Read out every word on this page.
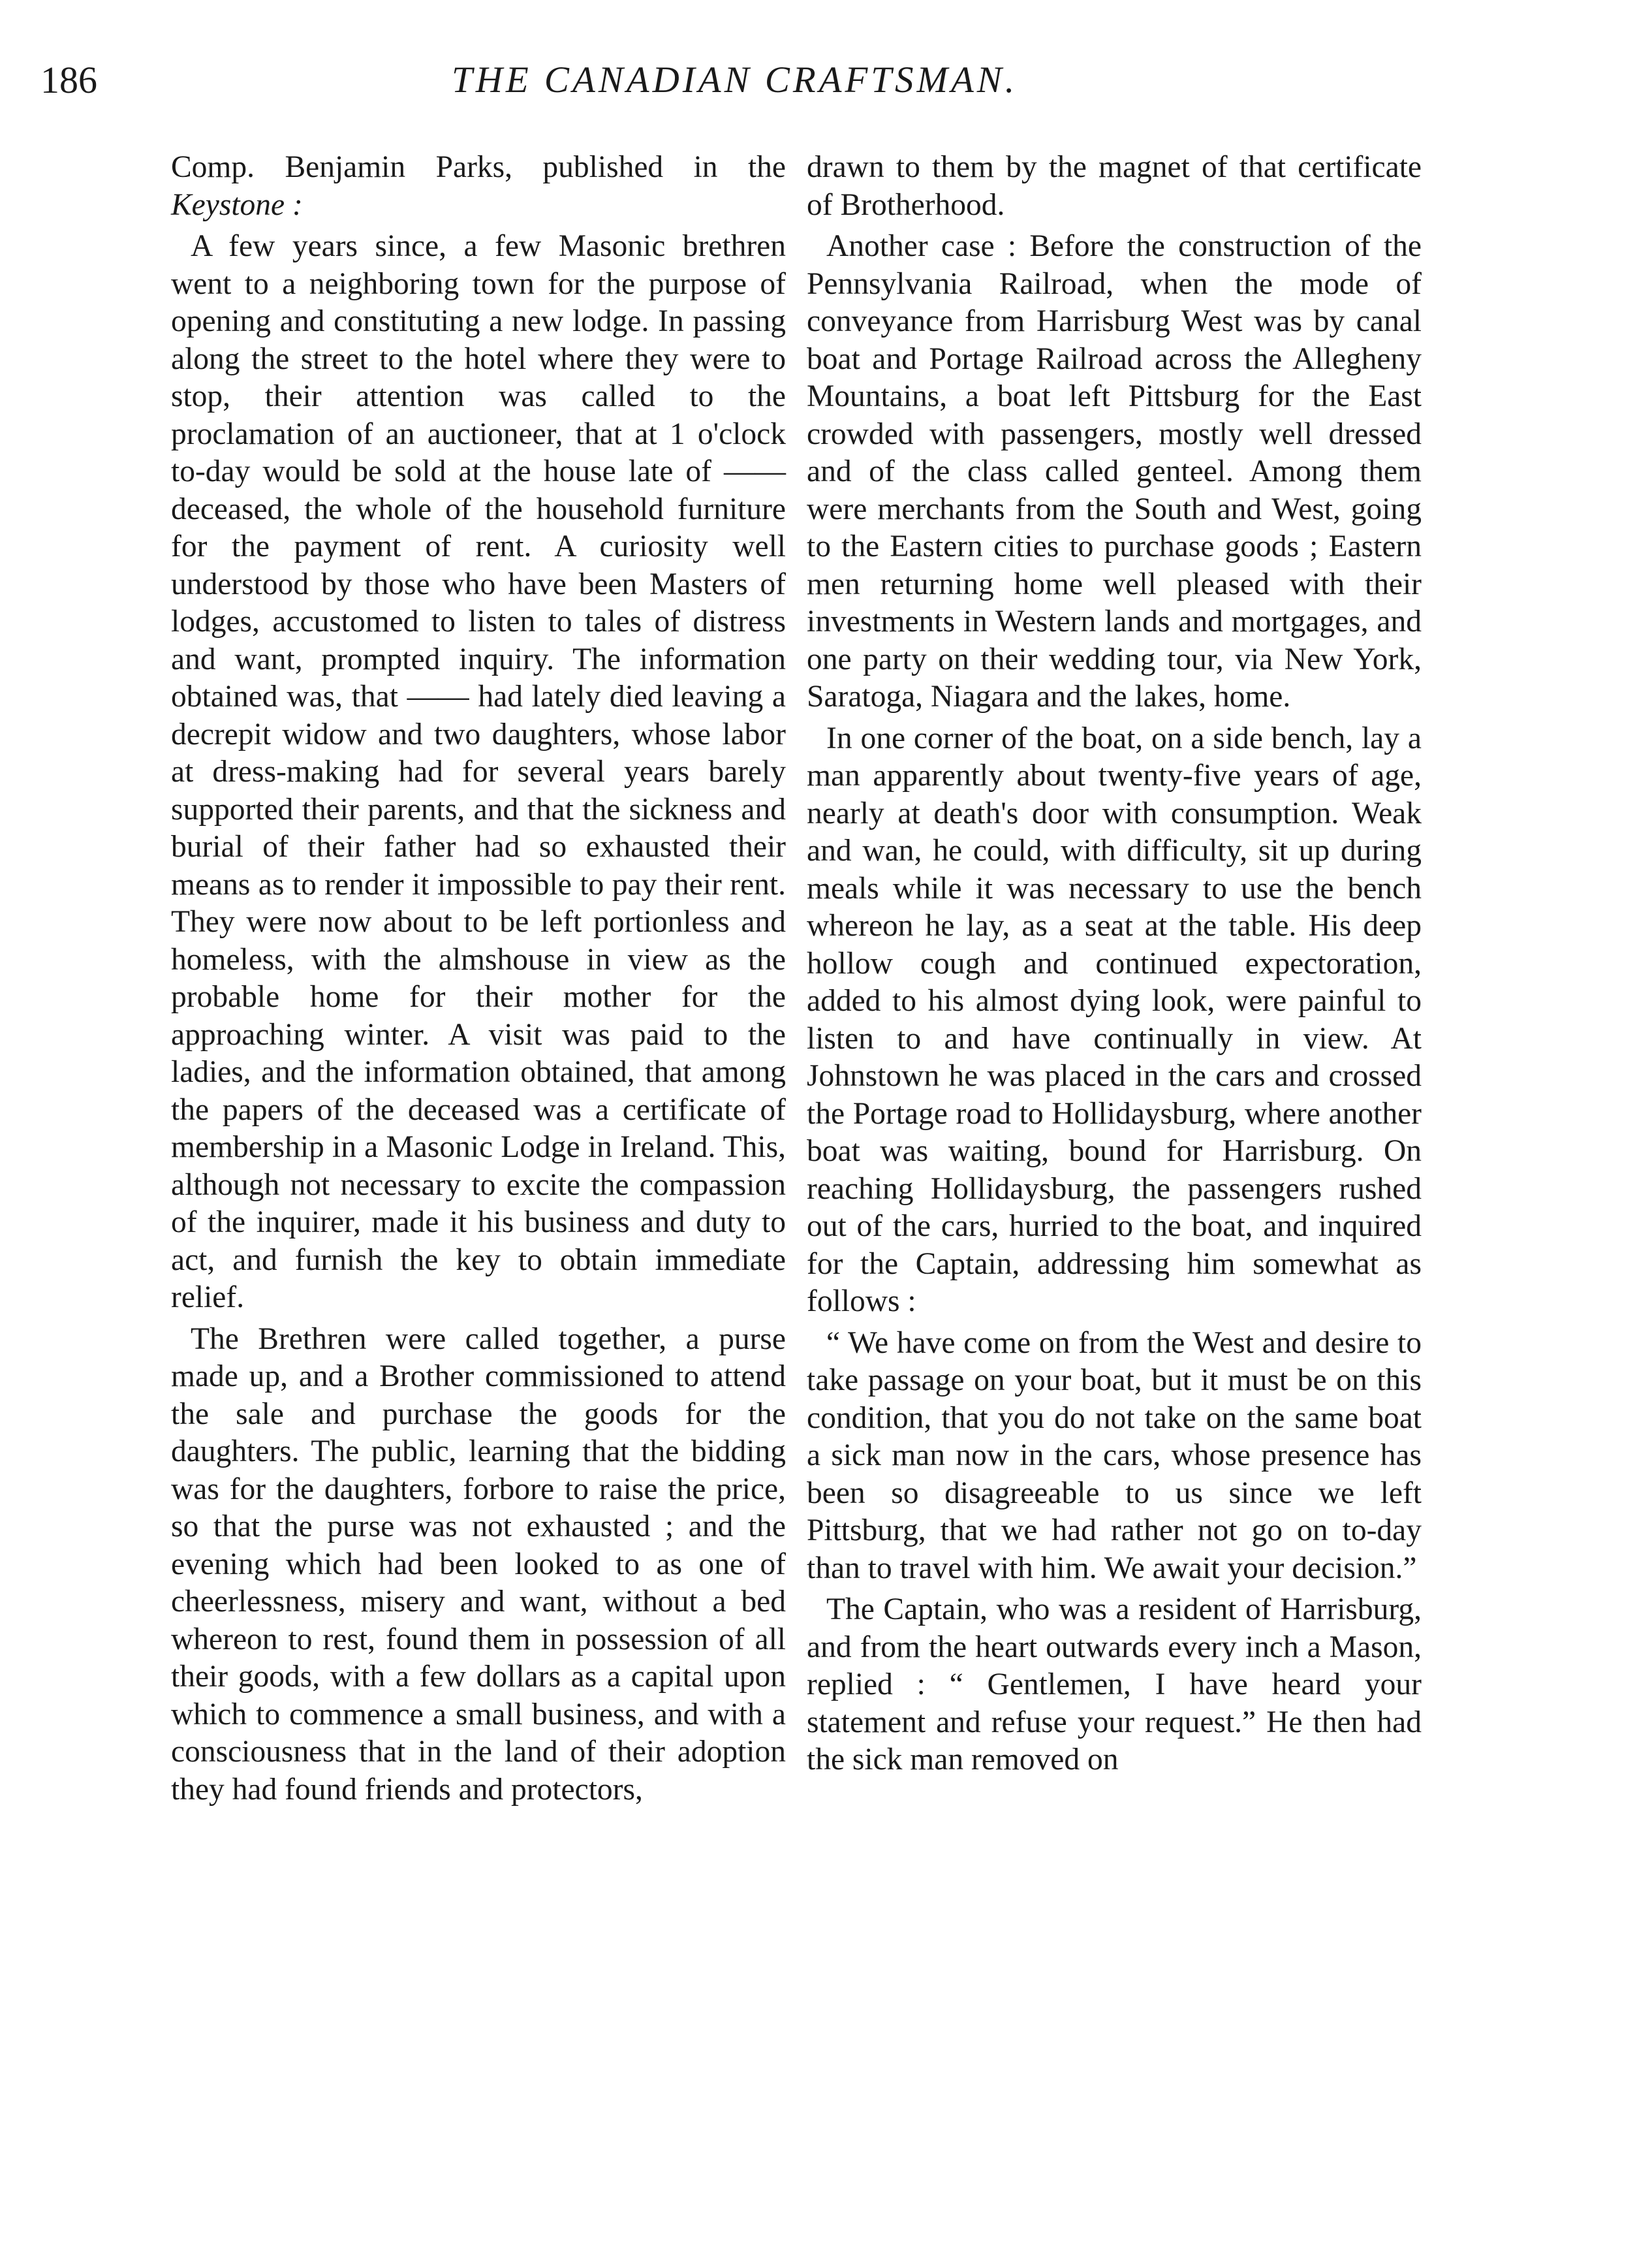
186	THE CANADIAN CRAFTSMAN.

Comp. Benjamin Parks, published in the Keystone :

A few years since, a few Masonic brethren went to a neighboring town for the purpose of opening and constituting a new lodge. In passing along the street to the hotel where they were to stop, their attention was called to the proclamation of an auctioneer, that at 1 o'clock to-day would be sold at the house late of —— deceased, the whole of the household furniture for the payment of rent. A curiosity well understood by those who have been Masters of lodges, accustomed to listen to tales of distress and want, prompted inquiry. The information obtained was, that —— had lately died leaving a decrepit widow and two daughters, whose labor at dress-making had for several years barely supported their parents, and that the sickness and burial of their father had so exhausted their means as to render it impossible to pay their rent. They were now about to be left portionless and homeless, with the almshouse in view as the probable home for their mother for the approaching winter. A visit was paid to the ladies, and the information obtained, that among the papers of the deceased was a certificate of membership in a Masonic Lodge in Ireland. This, although not necessary to excite the compassion of the inquirer, made it his business and duty to act, and furnish the key to obtain immediate relief.

The Brethren were called together, a purse made up, and a Brother commissioned to attend the sale and purchase the goods for the daughters. The public, learning that the bidding was for the daughters, forbore to raise the price, so that the purse was not exhausted ; and the evening which had been looked to as one of cheerlessness, misery and want, without a bed whereon to rest, found them in possession of all their goods, with a few dollars as a capital upon which to commence a small business, and with a consciousness that in the land of their adoption they had found friends and protectors,

drawn to them by the magnet of that certificate of Brotherhood.

Another case : Before the construction of the Pennsylvania Railroad, when the mode of conveyance from Harrisburg West was by canal boat and Portage Railroad across the Allegheny Mountains, a boat left Pittsburg for the East crowded with passengers, mostly well dressed and of the class called genteel. Among them were merchants from the South and West, going to the Eastern cities to purchase goods ; Eastern men returning home well pleased with their investments in Western lands and mortgages, and one party on their wedding tour, via New York, Saratoga, Niagara and the lakes, home.

In one corner of the boat, on a side bench, lay a man apparently about twenty-five years of age, nearly at death's door with consumption. Weak and wan, he could, with difficulty, sit up during meals while it was necessary to use the bench whereon he lay, as a seat at the table. His deep hollow cough and continued expectoration, added to his almost dying look, were painful to listen to and have continually in view. At Johnstown he was placed in the cars and crossed the Portage road to Hollidaysburg, where another boat was waiting, bound for Harrisburg. On reaching Hollidaysburg, the passengers rushed out of the cars, hurried to the boat, and inquired for the Captain, addressing him somewhat as follows :

“ We have come on from the West and desire to take passage on your boat, but it must be on this condition, that you do not take on the same boat a sick man now in the cars, whose presence has been so disagreeable to us since we left Pittsburg, that we had rather not go on to-day than to travel with him. We await your decision.”

The Captain, who was a resident of Harrisburg, and from the heart outwards every inch a Mason, replied : “ Gentlemen, I have heard your statement and refuse your request.” He then had the sick man removed on
